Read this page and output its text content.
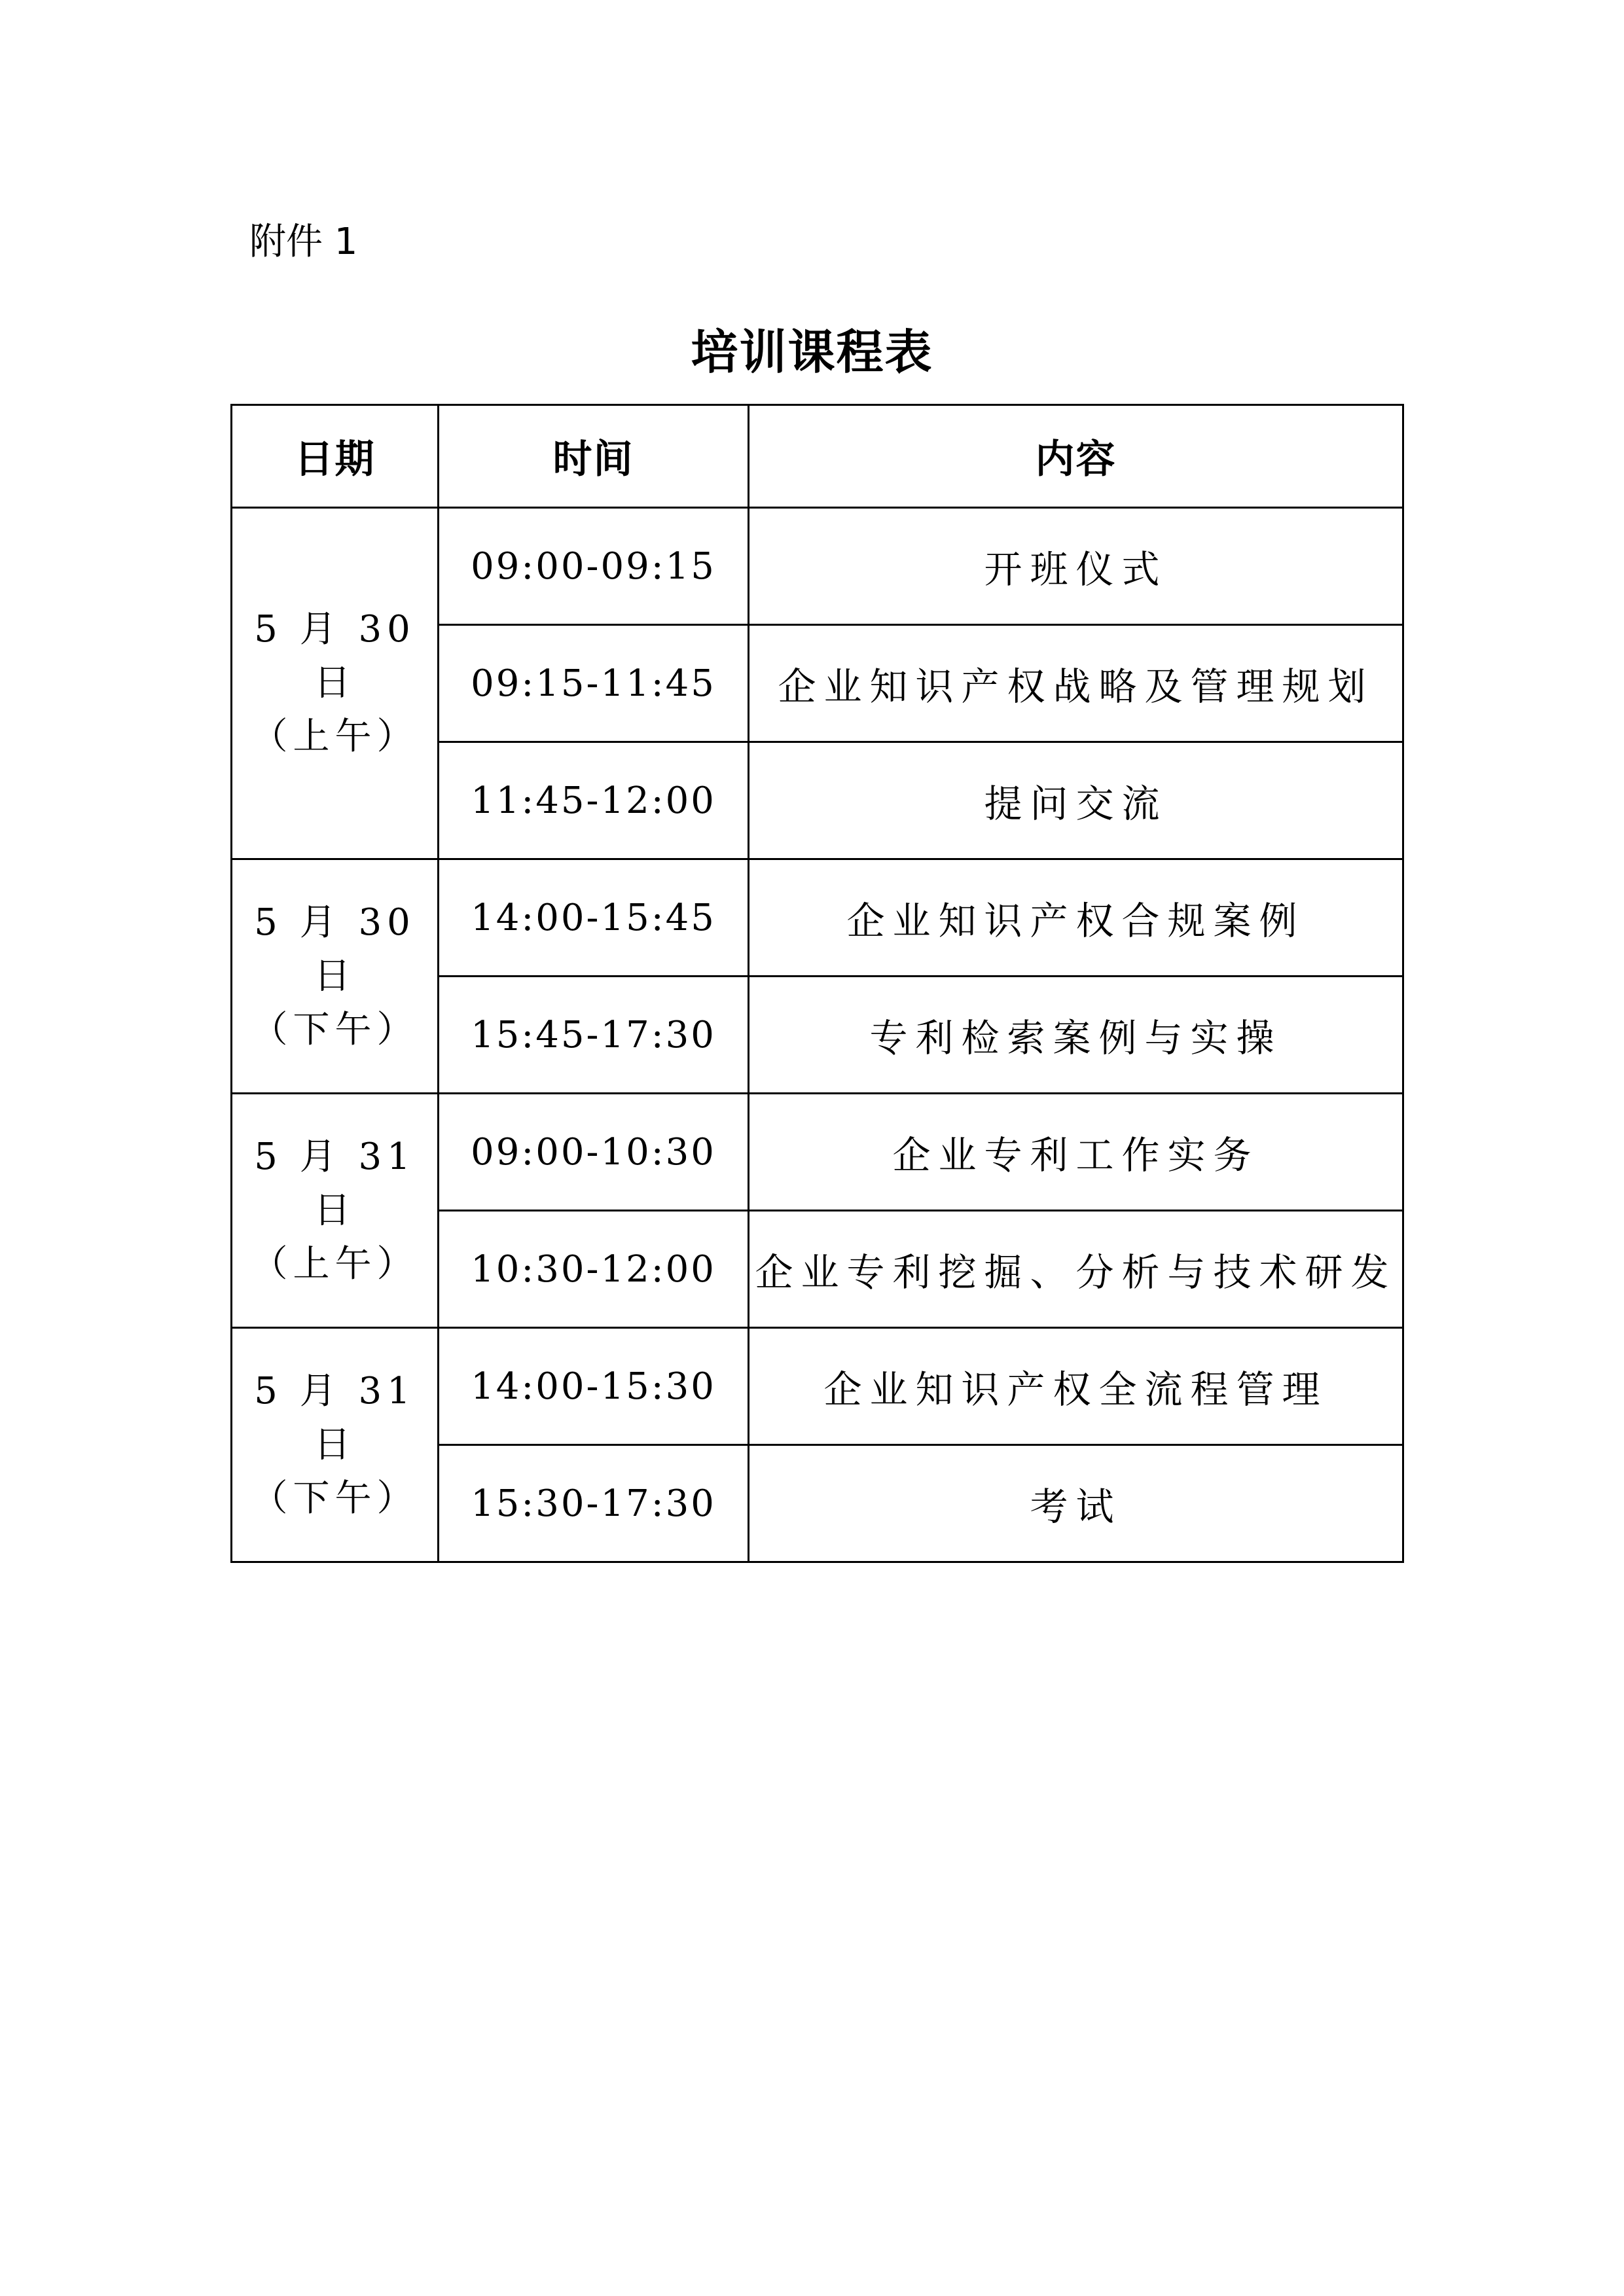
附件 1
培训课程表
日期	时间	内容

5 月 30 日
（上午）	09:00-09:15	开班仪式
	09:15-11:45	企业知识产权战略及管理规划
	11:45-12:00	提问交流

5 月 30 日
（下午）	14:00-15:45	企业知识产权合规案例
	15:45-17:30	专利检索案例与实操

5 月 31 日
（上午）	09:00-10:30	企业专利工作实务
	10:30-12:00	企业专利挖掘、分析与技术研发

5 月 31 日
（下午）	14:00-15:30	企业知识产权全流程管理
	15:30-17:30	考试
